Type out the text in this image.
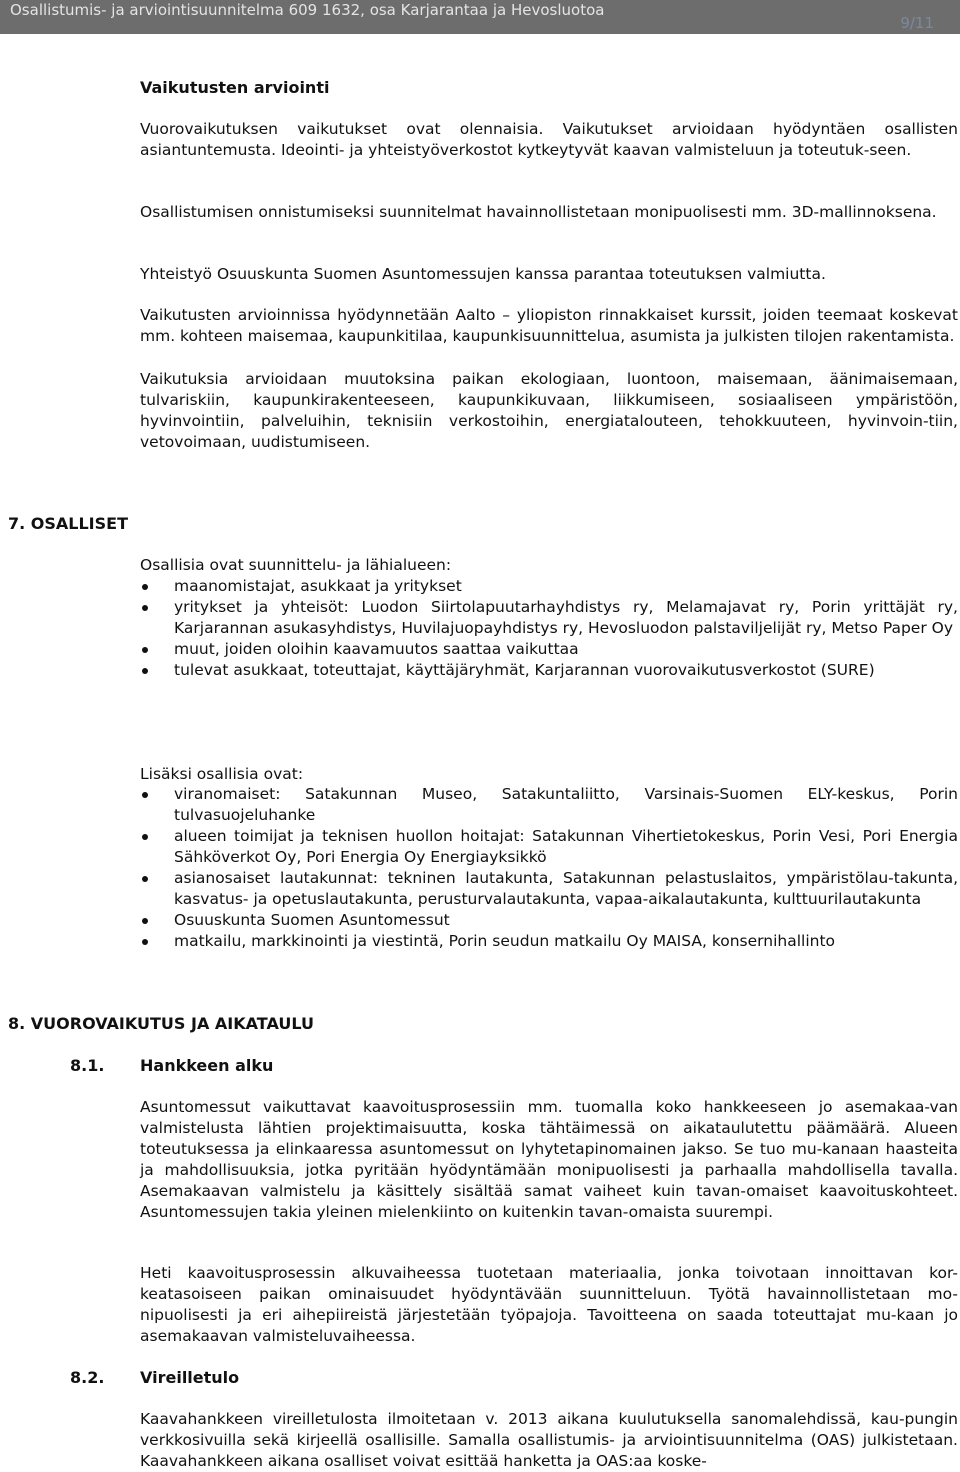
Osallistumis- ja arviointisuunnitelma 609 1632, osa Karjarantaa ja Hevosluotoa
9/11
Vaikutusten arviointi

Vuorovaikutuksen vaikutukset ovat olennaisia. Vaikutukset arvioidaan hyödyntäen osallisten asiantuntemusta. Ideointi- ja yhteistyöverkostot kytkeytyvät kaavan valmisteluun ja toteutuk-seen.

Osallistumisen onnistumiseksi suunnitelmat havainnollistetaan monipuolisesti mm. 3D-mallinnoksena.

Yhteistyö Osuuskunta Suomen Asuntomessujen kanssa parantaa toteutuksen valmiutta.

Vaikutusten arvioinnissa hyödynnetään Aalto – yliopiston rinnakkaiset kurssit, joiden teemaat koskevat mm. kohteen maisemaa, kaupunkitilaa, kaupunkisuunnittelua, asumista ja julkisten tilojen rakentamista.

Vaikutuksia arvioidaan muutoksina paikan ekologiaan, luontoon, maisemaan, äänimaisemaan, tulvariskiin, kaupunkirakenteeseen, kaupunkikuvaan, liikkumiseen, sosiaaliseen ympäristöön, hyvinvointiin, palveluihin, teknisiin verkostoihin, energiatalouteen, tehokkuuteen, hyvinvoin-tiin, vetovoimaan, uudistumiseen.

7. OSALLISET
Osallisia ovat suunnittelu- ja lähialueen:
maanomistajat, asukkaat ja yritykset
yritykset ja yhteisöt: Luodon Siirtolapuutarhayhdistys ry, Melamajavat ry, Porin yrittäjät ry, Karjarannan asukasyhdistys, Huvilajuopayhdistys ry, Hevosluodon palstaviljelijät ry, Metso Paper Oy
muut, joiden oloihin kaavamuutos saattaa vaikuttaa
tulevat asukkaat, toteuttajat, käyttäjäryhmät, Karjarannan vuorovaikutusverkostot (SURE)
Lisäksi osallisia ovat:
viranomaiset: Satakunnan Museo, Satakuntaliitto, Varsinais-Suomen ELY-keskus, Porin tulvasuojeluhanke
alueen toimijat ja teknisen huollon hoitajat: Satakunnan Vihertietokeskus, Porin Vesi, Pori Energia Sähköverkot Oy, Pori Energia Oy Energiayksikkö
asianosaiset lautakunnat: tekninen lautakunta, Satakunnan pelastuslaitos, ympäristölau-takunta, kasvatus- ja opetuslautakunta, perusturvalautakunta, vapaa-aikalautakunta, kulttuurilautakunta
Osuuskunta Suomen Asuntomessut
matkailu, markkinointi ja viestintä, Porin seudun matkailu Oy MAISA, konsernihallinto
8. VUOROVAIKUTUS JA AIKATAULU
8.1. Hankkeen alku

Asuntomessut vaikuttavat kaavoitusprosessiin mm. tuomalla koko hankkeeseen jo asemakaa-van valmistelusta lähtien projektimaisuutta, koska tähtäimessä on aikataulutettu päämäärä. Alueen toteutuksessa ja elinkaaressa asuntomessut on lyhytetapinomainen jakso. Se tuo mu-kanaan haasteita ja mahdollisuuksia, jotka pyritään hyödyntämään monipuolisesti ja parhaalla mahdollisella tavalla. Asemakaavan valmistelu ja käsittely sisältää samat vaiheet kuin tavan-omaiset kaavoituskohteet. Asuntomessujen takia yleinen mielenkiinto on kuitenkin tavan-omaista suurempi.

Heti kaavoitusprosessin alkuvaiheessa tuotetaan materiaalia, jonka toivotaan innoittavan kor-keatasoiseen paikan ominaisuudet hyödyntävään suunnitteluun. Työtä havainnollistetaan mo-nipuolisesti ja eri aihepiireistä järjestetään työpajoja. Tavoitteena on saada toteuttajat mu-kaan jo asemakaavan valmisteluvaiheessa.

8.2. Vireilletulo

Kaavahankkeen vireilletulosta ilmoitetaan v. 2013 aikana kuulutuksella sanomalehdissä, kau-pungin verkkosivuilla sekä kirjeellä osallisille. Samalla osallistumis- ja arviointisuunnitelma (OAS) julkistetaan. Kaavahankkeen aikana osalliset voivat esittää hanketta ja OAS:aa koske-
